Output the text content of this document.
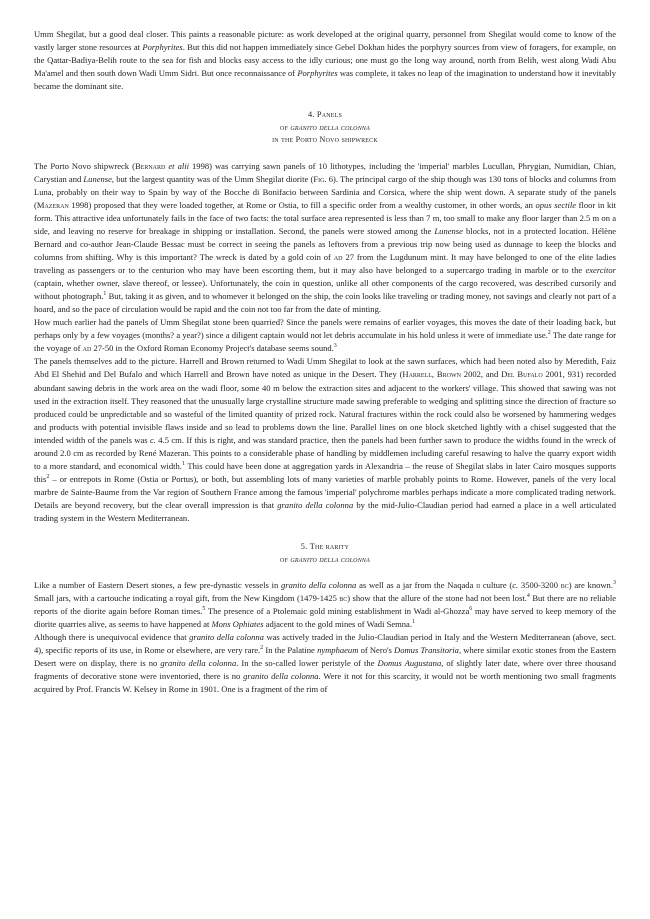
Umm Shegilat, but a good deal closer. This paints a reasonable picture: as work developed at the original quarry, personnel from Shegilat would come to know of the vastly larger stone resources at Porphyrites. But this did not happen immediately since Gebel Dokhan hides the porphyry sources from view of foragers, for example, on the Qattar-Badiya-Belih route to the sea for fish and blocks easy access to the idly curious; one must go the long way around, north from Belih, west along Wadi Abu Ma'amel and then south down Wadi Umm Sidri. But once reconnaissance of Porphyrites was complete, it takes no leap of the imagination to understand how it inevitably became the dominant site.

4. Panels
of granito della colonna
in the Porto Novo shipwreck

The Porto Novo shipwreck (Bernard et alii 1998) was carrying sawn panels of 10 lithotypes, including the 'imperial' marbles Lucullan, Phrygian, Numidian, Chian, Carystian and Lunense, but the largest quantity was of the Umm Shegilat diorite (Fig. 6). The principal cargo of the ship though was 130 tons of blocks and columns from Luna, probably on their way to Spain by way of the Bocche di Bonifacio between Sardinia and Corsica, where the ship went down. A separate study of the panels (Mazeran 1998) proposed that they were loaded together, at Rome or Ostia, to fill a specific order from a wealthy customer, in other words, an opus sectile floor in kit form. This attractive idea unfortunately fails in the face of two facts: the total surface area represented is less than 7 m, too small to make any floor larger than 2.5 m on a side, and leaving no reserve for breakage in shipping or installation. Second, the panels were stowed among the Lunense blocks, not in a protected location. Hélène Bernard and co-author Jean-Claude Bessac must be correct in seeing the panels as leftovers from a previous trip now being used as dunnage to keep the blocks and columns from shifting. Why is this important? The wreck is dated by a gold coin of ad 27 from the Lugdunum mint. It may have belonged to one of the elite ladies traveling as passengers or to the centurion who may have been escorting them, but it may also have belonged to a supercargo trading in marble or to the exercitor (captain, whether owner, slave thereof, or lessee). Unfortunately, the coin in question, unlike all other components of the cargo recovered, was described cursorily and without photograph.$^1$ But, taking it as given, and to whomever it belonged on the ship, the coin looks like traveling or trading money, not savings and clearly not part of a hoard, and so the pace of circulation would be rapid and the coin not too far from the date of minting.

How much earlier had the panels of Umm Shegilat stone been quarried? Since the panels were remains of earlier voyages, this moves the date of their loading back, but perhaps only by a few voyages (months? a year?) since a diligent captain would not let debris accumulate in his hold unless it were of immediate use.$^2$ The date range for the voyage of ad 27-50 in the Oxford Roman Economy Project's database seems sound.$^3$

The panels themselves add to the picture. Harrell and Brown returned to Wadi Umm Shegilat to look at the sawn surfaces, which had been noted also by Meredith, Faiz Abd El Shehid and Del Bufalo and which Harrell and Brown have noted as unique in the Desert. They (Harrell, Brown 2002, and Del Bufalo 2001, 931) recorded abundant sawing debris in the work area on the wadi floor, some 40 m below the extraction sites and adjacent to the workers' village. This showed that sawing was not used in the extraction itself. They reasoned that the unusually large crystalline structure made sawing preferable to wedging and splitting since the direction of fracture so produced could be unpredictable and so wasteful of the limited quantity of prized rock. Natural fractures within the rock could also be worsened by hammering wedges and products with potential invisible flaws inside and so lead to problems down the line. Parallel lines on one block sketched lightly with a chisel suggested that the intended width of the panels was c. 4.5 cm. If this is right, and was standard practice, then the panels had been further sawn to produce the widths found in the wreck of around 2.0 cm as recorded by René Mazeran. This points to a considerable phase of handling by middlemen including careful resawing to halve the quarry export width to a more standard, and economical width.$^1$ This could have been done at aggregation yards in Alexandria – the reuse of Shegilat slabs in later Cairo mosques supports this$^2$ – or entrepots in Rome (Ostia or Portus), or both, but assembling lots of many varieties of marble probably points to Rome. However, panels of the very local marbre de Sainte-Baume from the Var region of Southern France among the famous 'imperial' polychrome marbles perhaps indicate a more complicated trading network. Details are beyond recovery, but the clear overall impression is that granito della colonna by the mid-Julio-Claudian period had earned a place in a well articulated trading system in the Western Mediterranean.

5. The rarity
of granito della colonna

Like a number of Eastern Desert stones, a few pre-dynastic vessels in granito della colonna as well as a jar from the Naqada ii culture (c. 3500-3200 bc) are known.$^3$ Small jars, with a cartouche indicating a royal gift, from the New Kingdom (1479-1425 bc) show that the allure of the stone had not been lost.$^4$ But there are no reliable reports of the diorite again before Roman times.$^5$ The presence of a Ptolemaic gold mining establishment in Wadi al-Ghozza$^6$ may have served to keep memory of the diorite quarries alive, as seems to have happened at Mons Ophiates adjacent to the gold mines of Wadi Semna.$^1$

Although there is unequivocal evidence that granito della colonna was actively traded in the Julio-Claudian period in Italy and the Western Mediterranean (above, sect. 4), specific reports of its use, in Rome or elsewhere, are very rare.$^2$ In the Palatine nymphaeum of Nero's Domus Transitoria, where similar exotic stones from the Eastern Desert were on display, there is no granito della colonna. In the so-called lower peristyle of the Domus Augustana, of slightly later date, where over three thousand fragments of decorative stone were inventoried, there is no granito della colonna. Were it not for this scarcity, it would not be worth mentioning two small fragments acquired by Prof. Francis W. Kelsey in Rome in 1901. One is a fragment of the rim of
